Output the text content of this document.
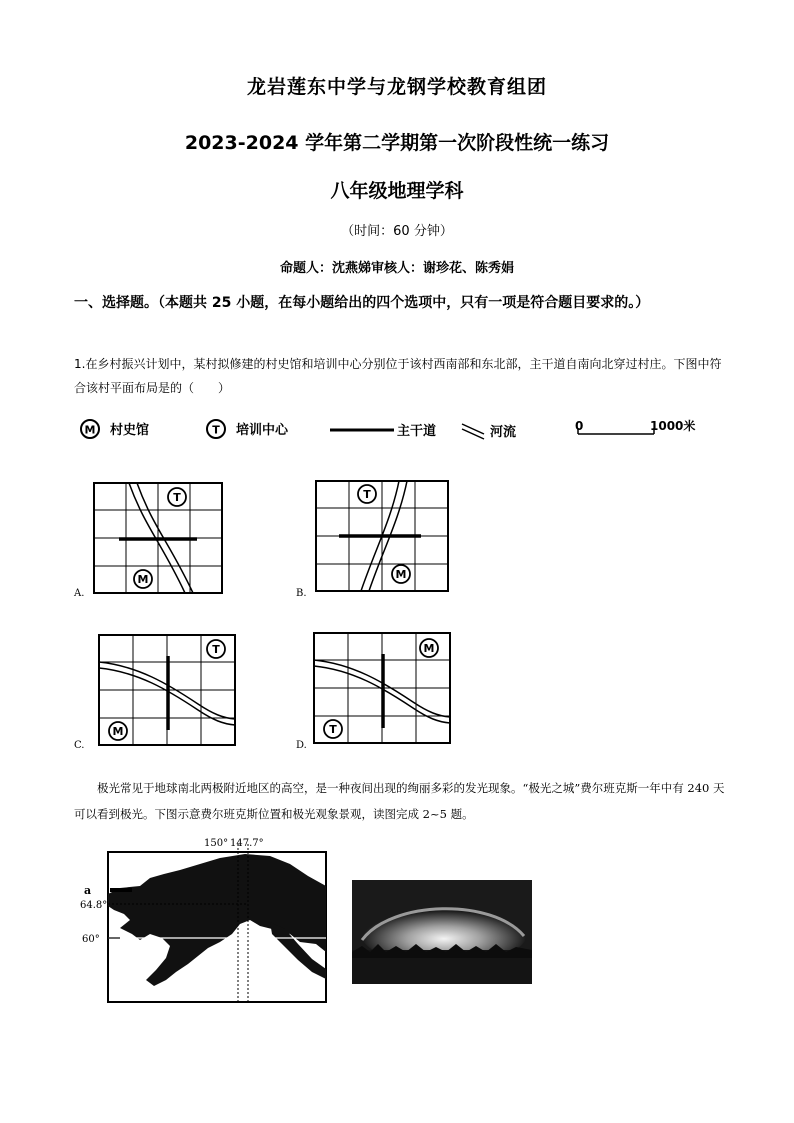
龙岩莲东中学与龙钢学校教育组团
2023-2024 学年第二学期第一次阶段性统一练习
八年级地理学科
（时间：60 分钟）
命题人：沈燕娣审核人：谢珍花、陈秀娟
一、选择题。（本题共 25 小题，在每小题给出的四个选项中，只有一项是符合题目要求的。）
1.在乡村振兴计划中，某村拟修建的村史馆和培训中心分别位于该村西南部和东北部，主干道自南向北穿过村庄。下图中符合该村平面布局是的（　　）
M 村史馆	T 培训中心	主干道	河流	0	1000米
A.
T
M
B.
T
M
C.
T
M
D.
M
T
极光常见于地球南北两极附近地区的高空，是一种夜间出现的绚丽多彩的发光现象。“极光之城”费尔班克斯一年中有 240 天可以看到极光。下图示意费尔班克斯位置和极光观象景观，读图完成 2~5 题。
150° 147.7°
a
64.8°
60°
